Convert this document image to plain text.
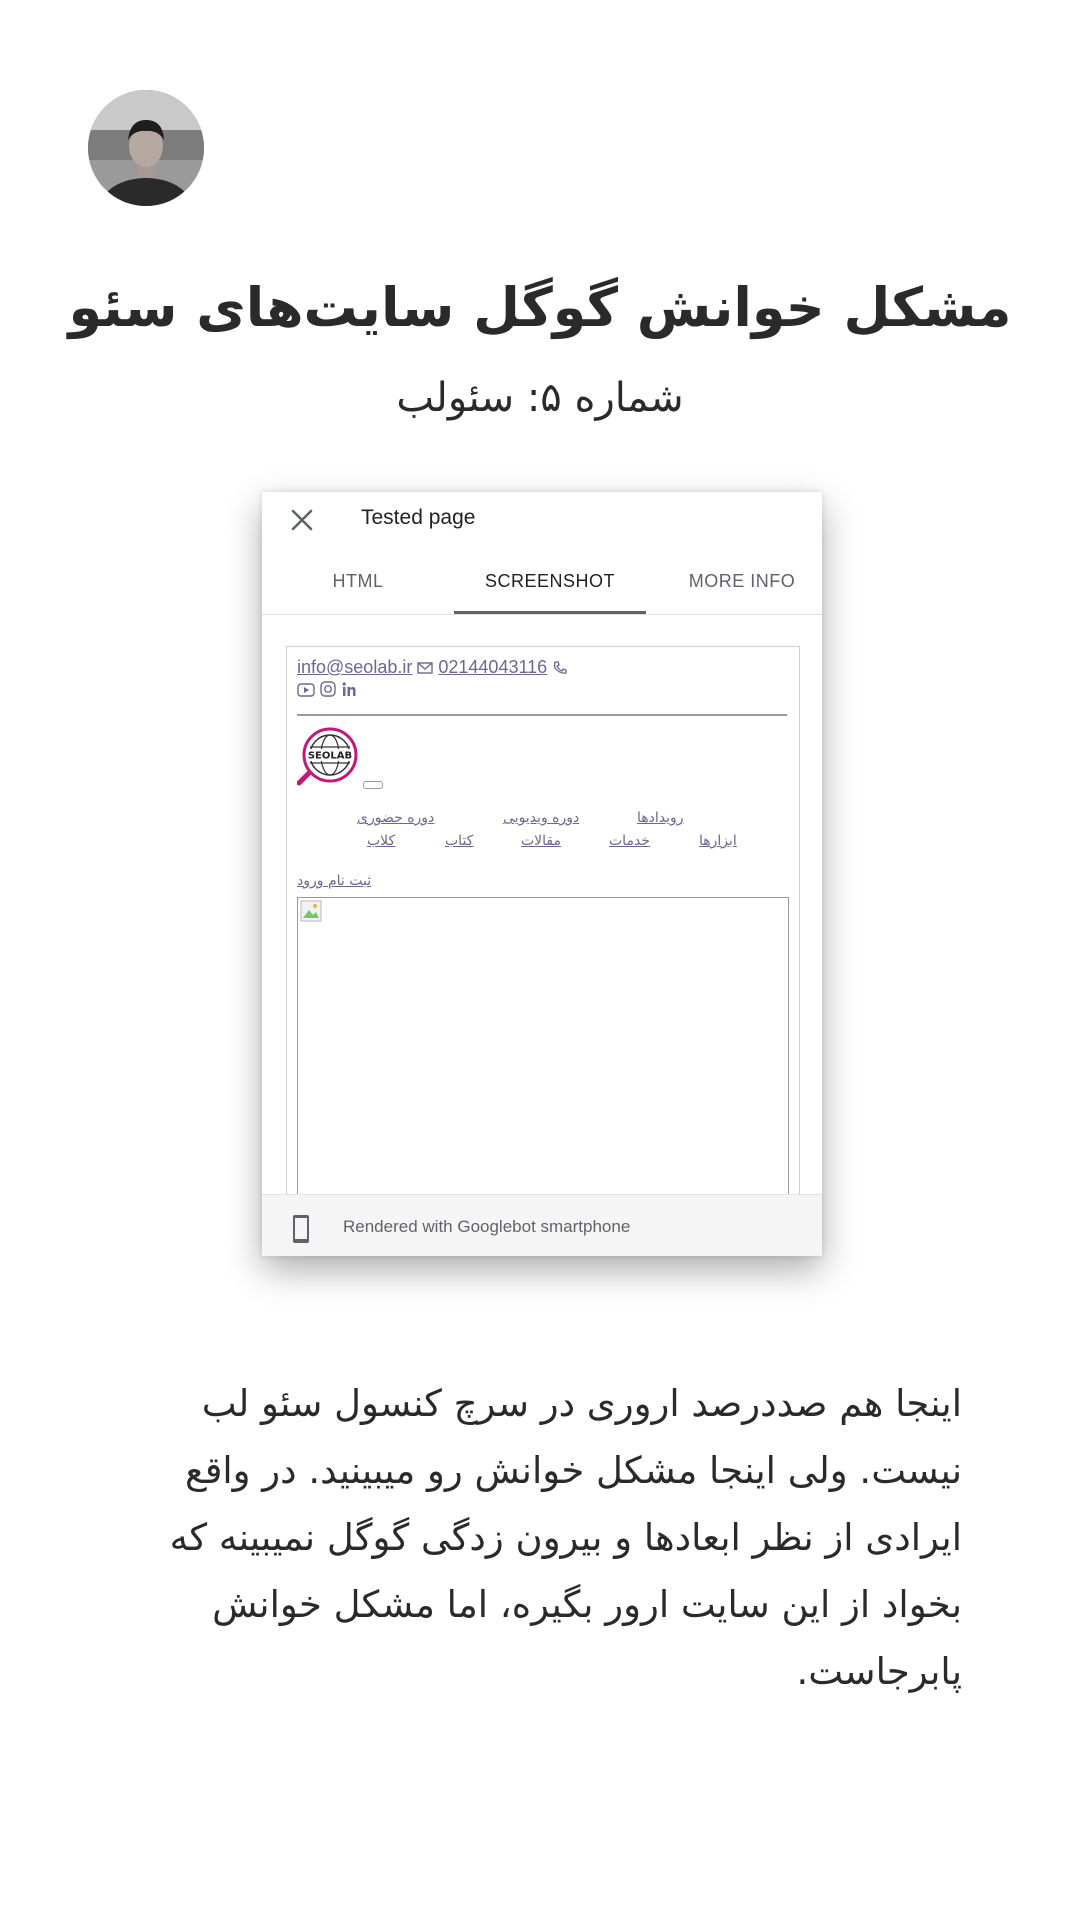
مشکل خوانش گوگل سایت‌های سئو
شماره ۵: سئولب
Tested page
HTML	SCREENSHOT	MORE INFO
info@seolab.ir 02144043116

SEOLAB
رویدادها
دوره ویدیویی
دوره حضوری
ابزارها
خدمات
مقالات
کتاب
کلاب
ثبت نام ورود
Rendered with Googlebot smartphone
اینجا هم صددرصد اروری در سرچ کنسول سئو لب نیست. ولی اینجا مشکل خوانش رو میبینید. در واقع ایرادی از نظر ابعادها و بیرون زدگی گوگل نمیبینه که بخواد از این سایت ارور بگیره، اما مشکل خوانش پابرجاست.
